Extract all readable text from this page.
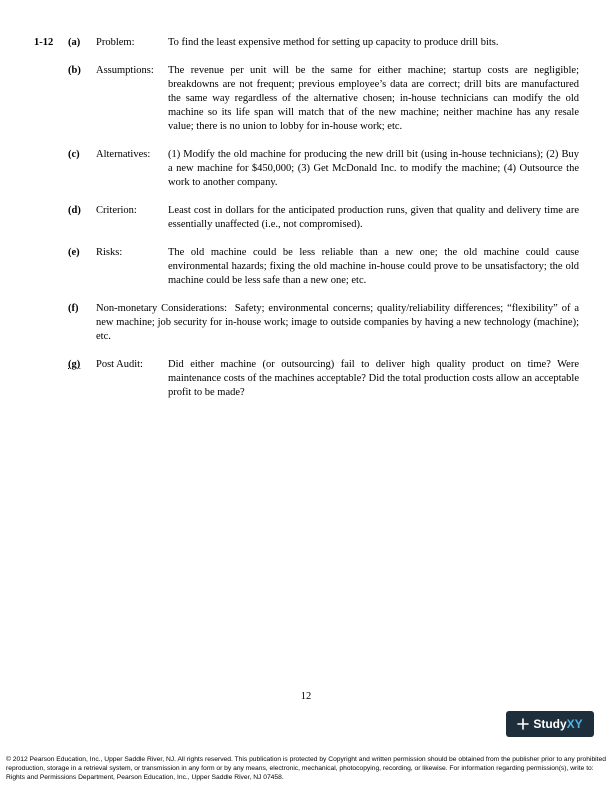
1-12	(a)	Problem:	To find the least expensive method for setting up capacity to produce drill bits.
(b)	Assumptions:	The revenue per unit will be the same for either machine; startup costs are negligible; breakdowns are not frequent; previous employee’s data are correct; drill bits are manufactured the same way regardless of the alternative chosen; in-house technicians can modify the old machine so its life span will match that of the new machine; neither machine has any resale value; there is no union to lobby for in-house work; etc.
(c)	Alternatives:	(1) Modify the old machine for producing the new drill bit (using in-house technicians); (2) Buy a new machine for $450,000; (3) Get McDonald Inc. to modify the machine; (4) Outsource the work to another company.
(d)	Criterion:	Least cost in dollars for the anticipated production runs, given that quality and delivery time are essentially unaffected (i.e., not compromised).
(e)	Risks:	The old machine could be less reliable than a new one; the old machine could cause environmental hazards; fixing the old machine in-house could prove to be unsatisfactory; the old machine could be less safe than a new one; etc.
(f)	Non-monetary Considerations: Safety; environmental concerns; quality/reliability differences; “flexibility” of a new machine; job security for in-house work; image to outside companies by having a new technology (machine); etc.
(g)	Post Audit:	Did either machine (or outsourcing) fail to deliver high quality product on time? Were maintenance costs of the machines acceptable? Did the total production costs allow an acceptable profit to be made?
12
StudyXY
© 2012 Pearson Education, Inc., Upper Saddle River, NJ. All rights reserved. This publication is protected by Copyright and written permission should be obtained from the publisher prior to any prohibited reproduction, storage in a retrieval system, or transmission in any form or by any means, electronic, mechanical, photocopying, recording, or likewise. For information regarding permission(s), write to: Rights and Permissions Department, Pearson Education, Inc., Upper Saddle River, NJ 07458.
